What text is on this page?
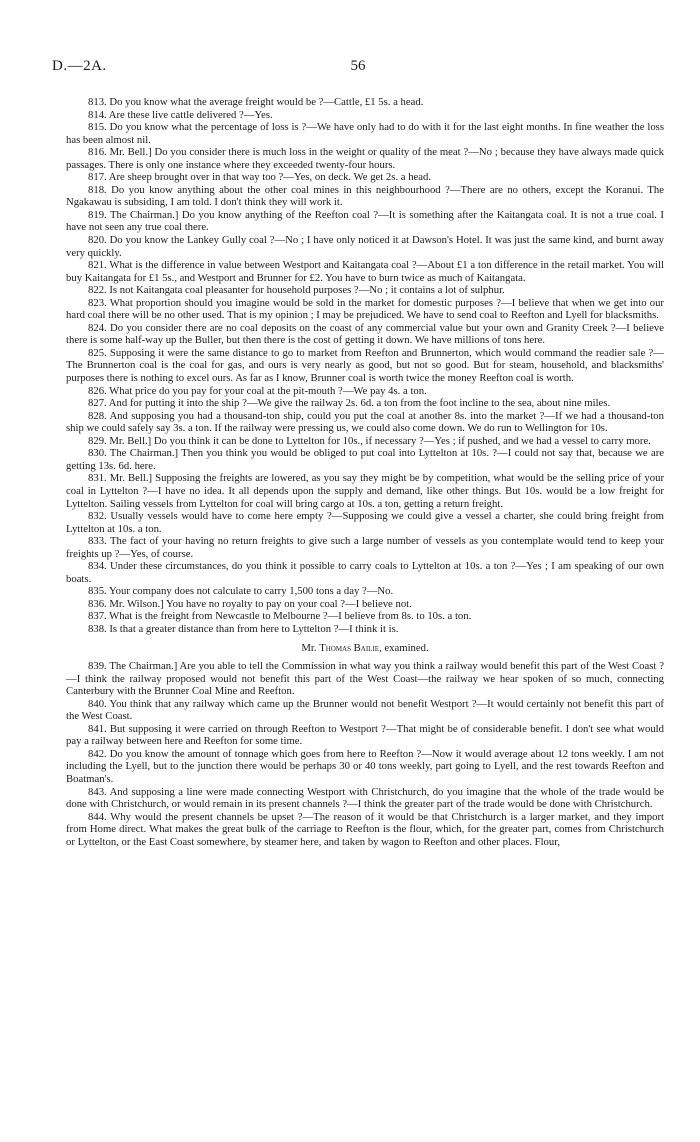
D.—2A.	56

813. Do you know what the average freight would be ?—Cattle, £1 5s. a head.

814. Are these live cattle delivered ?—Yes.

815. Do you know what the percentage of loss is ?—We have only had to do with it for the last eight months. In fine weather the loss has been almost nil.

816. Mr. Bell.] Do you consider there is much loss in the weight or quality of the meat ?—No ; because they have always made quick passages. There is only one instance where they exceeded twenty-four hours.

817. Are sheep brought over in that way too ?—Yes, on deck. We get 2s. a head.

818. Do you know anything about the other coal mines in this neighbourhood ?—There are no others, except the Koranui. The Ngakawau is subsiding, I am told. I don't think they will work it.

819. The Chairman.] Do you know anything of the Reefton coal ?—It is something after the Kaitangata coal. It is not a true coal. I have not seen any true coal there.

820. Do you know the Lankey Gully coal ?—No ; I have only noticed it at Dawson's Hotel. It was just the same kind, and burnt away very quickly.

821. What is the difference in value between Westport and Kaitangata coal ?—About £1 a ton difference in the retail market. You will buy Kaitangata for £1 5s., and Westport and Brunner for £2. You have to burn twice as much of Kaitangata.

822. Is not Kaitangata coal pleasanter for household purposes ?—No ; it contains a lot of sulphur.

823. What proportion should you imagine would be sold in the market for domestic purposes ?—I believe that when we get into our hard coal there will be no other used. That is my opinion ; I may be prejudiced. We have to send coal to Reefton and Lyell for blacksmiths.

824. Do you consider there are no coal deposits on the coast of any commercial value but your own and Granity Creek ?—I believe there is some half-way up the Buller, but then there is the cost of getting it down. We have millions of tons here.

825. Supposing it were the same distance to go to market from Reefton and Brunnerton, which would command the readier sale ?—The Brunnerton coal is the coal for gas, and ours is very nearly as good, but not so good. But for steam, household, and blacksmiths' purposes there is nothing to excel ours. As far as I know, Brunner coal is worth twice the money Reefton coal is worth.

826. What price do you pay for your coal at the pit-mouth ?—We pay 4s. a ton.

827. And for putting it into the ship ?—We give the railway 2s. 6d. a ton from the foot incline to the sea, about nine miles.

828. And supposing you had a thousand-ton ship, could you put the coal at another 8s. into the market ?—If we had a thousand-ton ship we could safely say 3s. a ton. If the railway were pressing us, we could also come down. We do run to Wellington for 10s.

829. Mr. Bell.] Do you think it can be done to Lyttelton for 10s., if necessary ?—Yes ; if pushed, and we had a vessel to carry more.

830. The Chairman.] Then you think you would be obliged to put coal into Lyttelton at 10s. ?—I could not say that, because we are getting 13s. 6d. here.

831. Mr. Bell.] Supposing the freights are lowered, as you say they might be by competition, what would be the selling price of your coal in Lyttelton ?—I have no idea. It all depends upon the supply and demand, like other things. But 10s. would be a low freight for Lyttelton. Sailing vessels from Lyttelton for coal will bring cargo at 10s. a ton, getting a return freight.

832. Usually vessels would have to come here empty ?—Supposing we could give a vessel a charter, she could bring freight from Lyttelton at 10s. a ton.

833. The fact of your having no return freights to give such a large number of vessels as you contemplate would tend to keep your freights up ?—Yes, of course.

834. Under these circumstances, do you think it possible to carry coals to Lyttelton at 10s. a ton ?—Yes ; I am speaking of our own boats.

835. Your company does not calculate to carry 1,500 tons a day ?—No.

836. Mr. Wilson.] You have no royalty to pay on your coal ?—I believe not.

837. What is the freight from Newcastle to Melbourne ?—I believe from 8s. to 10s. a ton.

838. Is that a greater distance than from here to Lyttelton ?—I think it is.

Mr. Thomas Bailie, examined.

839. The Chairman.] Are you able to tell the Commission in what way you think a railway would benefit this part of the West Coast ?—I think the railway proposed would not benefit this part of the West Coast—the railway we hear spoken of so much, connecting Canterbury with the Brunner Coal Mine and Reefton.

840. You think that any railway which came up the Brunner would not benefit Westport ?—It would certainly not benefit this part of the West Coast.

841. But supposing it were carried on through Reefton to Westport ?—That might be of considerable benefit. I don't see what would pay a railway between here and Reefton for some time.

842. Do you know the amount of tonnage which goes from here to Reefton ?—Now it would average about 12 tons weekly. I am not including the Lyell, but to the junction there would be perhaps 30 or 40 tons weekly, part going to Lyell, and the rest towards Reefton and Boatman's.

843. And supposing a line were made connecting Westport with Christchurch, do you imagine that the whole of the trade would be done with Christchurch, or would remain in its present channels ?—I think the greater part of the trade would be done with Christchurch.

844. Why would the present channels be upset ?—The reason of it would be that Christchurch is a larger market, and they import from Home direct. What makes the great bulk of the carriage to Reefton is the flour, which, for the greater part, comes from Christchurch or Lyttelton, or the East Coast somewhere, by steamer here, and taken by wagon to Reefton and other places. Flour,
